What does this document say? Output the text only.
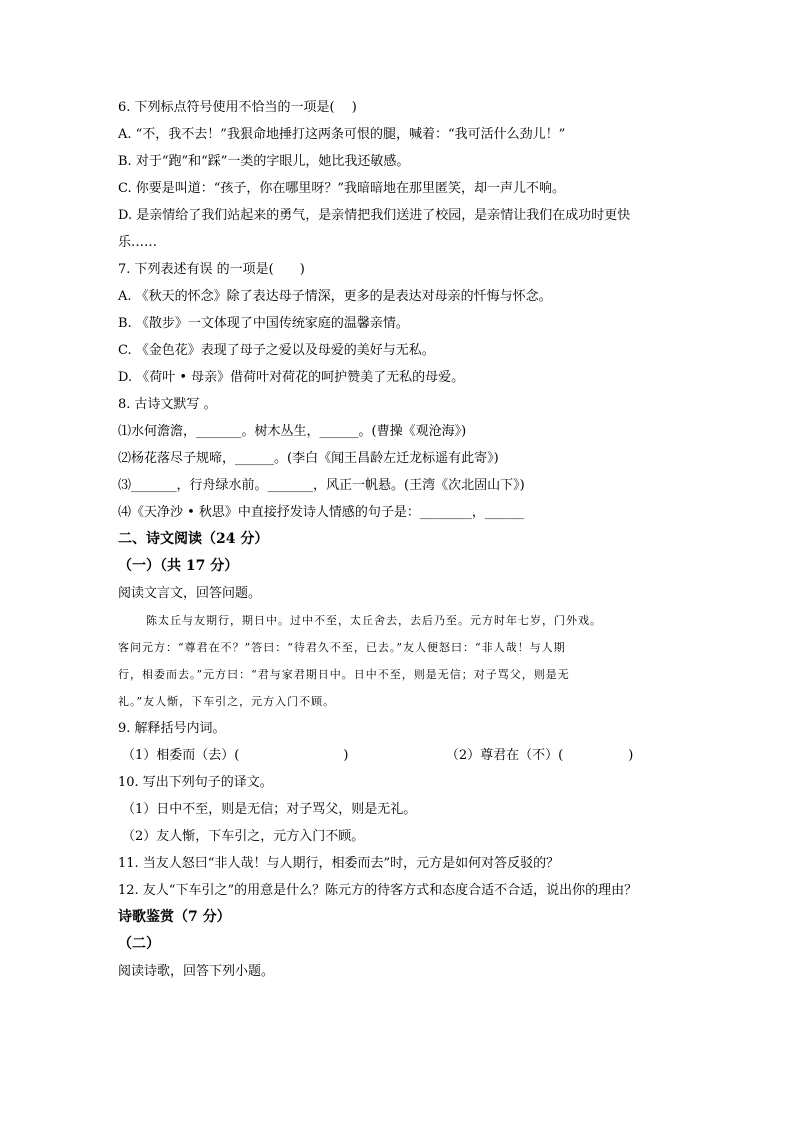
6. 下列标点符号使用不恰当的一项是(　 )
A. “不，我不去！”我狠命地捶打这两条可恨的腿，喊着：“我可活什么劲儿！”
B. 对于“跑”和“踩”一类的字眼儿，她比我还敏感。
C. 你要是叫道：“孩子，你在哪里呀？”我暗暗地在那里匿笑，却一声儿不响。
D. 是亲情给了我们站起来的勇气，是亲情把我们送进了校园，是亲情让我们在成功时更快
乐……
7. 下列表述有误 的一项是(　　)
A. 《秋天的怀念》除了表达母子情深，更多的是表达对母亲的忏悔与怀念。
B. 《散步》一文体现了中国传统家庭的温馨亲情。
C. 《金色花》表现了母子之爱以及母爱的美好与无私。
D. 《荷叶 • 母亲》借荷叶对荷花的呵护赞美了无私的母爱。
8. 古诗文默写 。
⑴水何澹澹，_______。树木丛生，______。(曹操《观沧海》)
⑵杨花落尽子规啼，______。(李白《闻王昌龄左迁龙标遥有此寄》)
⑶_______，行舟绿水前。_______，风正一帆悬。(王湾《次北固山下》)
⑷《天净沙 • 秋思》中直接抒发诗人情感的句子是：________，______
二、诗文阅读（24 分）
（一）（共 17 分）
阅读文言文，回答问题。
陈太丘与友期行，期日中。过中不至，太丘舍去，去后乃至。元方时年七岁，门外戏。
客问元方：“尊君在不？”答曰：“待君久不至，已去。”友人便怒曰：“非人哉！与人期
行，相委而去。”元方曰：“君与家君期日中。日中不至，则是无信；对子骂父，则是无
礼。”友人惭，下车引之，元方入门不顾。
9. 解释括号内词。
（1）相委而（去）(　　　　　　　　)　　　　　　　　（2）尊君在（不）(　　　　　)
10. 写出下列句子的译文。
（1）日中不至，则是无信；对子骂父，则是无礼。
（2）友人惭，下车引之，元方入门不顾。
11. 当友人怒曰“非人哉！与人期行，相委而去”时，元方是如何对答反驳的？
12. 友人“下车引之”的用意是什么？陈元方的待客方式和态度合适不合适，说出你的理由？
诗歌鉴赏（7 分）
（二）
阅读诗歌，回答下列小题。
